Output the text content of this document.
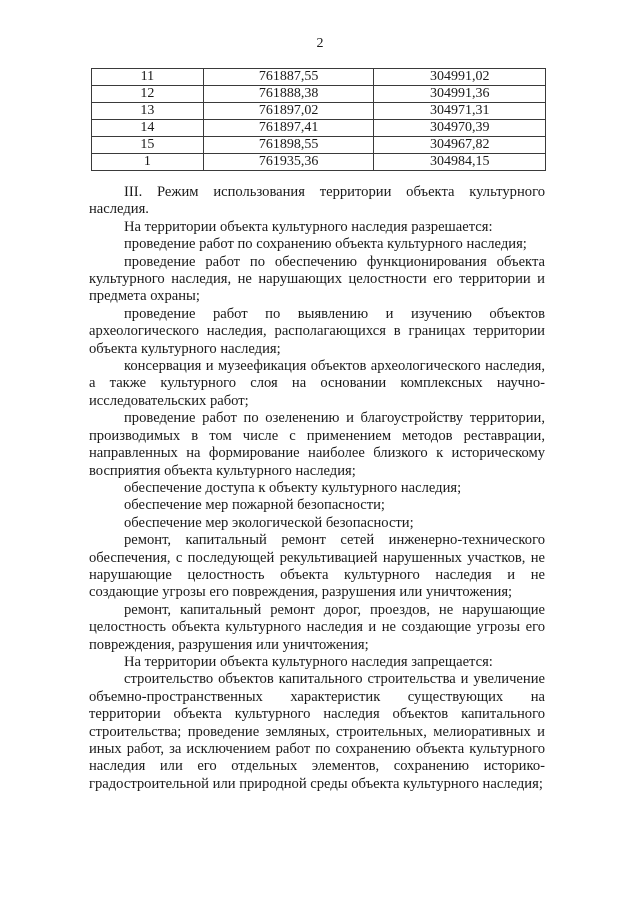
2
11	761887,55	304991,02
12	761888,38	304991,36
13	761897,02	304971,31
14	761897,41	304970,39
15	761898,55	304967,82
1	761935,36	304984,15

III. Режим использования территории объекта культурного наследия.

На территории объекта культурного наследия разрешается:

проведение работ по сохранению объекта культурного наследия;

проведение работ по обеспечению функционирования объекта культурного наследия, не нарушающих целостности его территории и предмета охраны;

проведение работ по выявлению и изучению объектов археологического наследия, располагающихся в границах территории объекта культурного наследия;

консервация и музеефикация объектов археологического наследия, а также культурного слоя на основании комплексных научно-исследовательских работ;

проведение работ по озеленению и благоустройству территории, производимых в том числе с применением методов реставрации, направленных на формирование наиболее близкого к историческому восприятия объекта культурного наследия;

обеспечение доступа к объекту культурного наследия;

обеспечение мер пожарной безопасности;

обеспечение мер экологической безопасности;

ремонт, капитальный ремонт сетей инженерно-технического обеспечения, с последующей рекультивацией нарушенных участков, не нарушающие целостность объекта культурного наследия и не создающие угрозы его повреждения, разрушения или уничтожения;

ремонт, капитальный ремонт дорог, проездов, не нарушающие целостность объекта культурного наследия и не создающие угрозы его повреждения, разрушения или уничтожения;

На территории объекта культурного наследия запрещается:

строительство объектов капитального строительства и увеличение объемно-пространственных характеристик существующих на территории объекта культурного наследия объектов капитального строительства; проведение земляных, строительных, мелиоративных и иных работ, за исключением работ по сохранению объекта культурного наследия или его отдельных элементов, сохранению историко-градостроительной или природной среды объекта культурного наследия;
